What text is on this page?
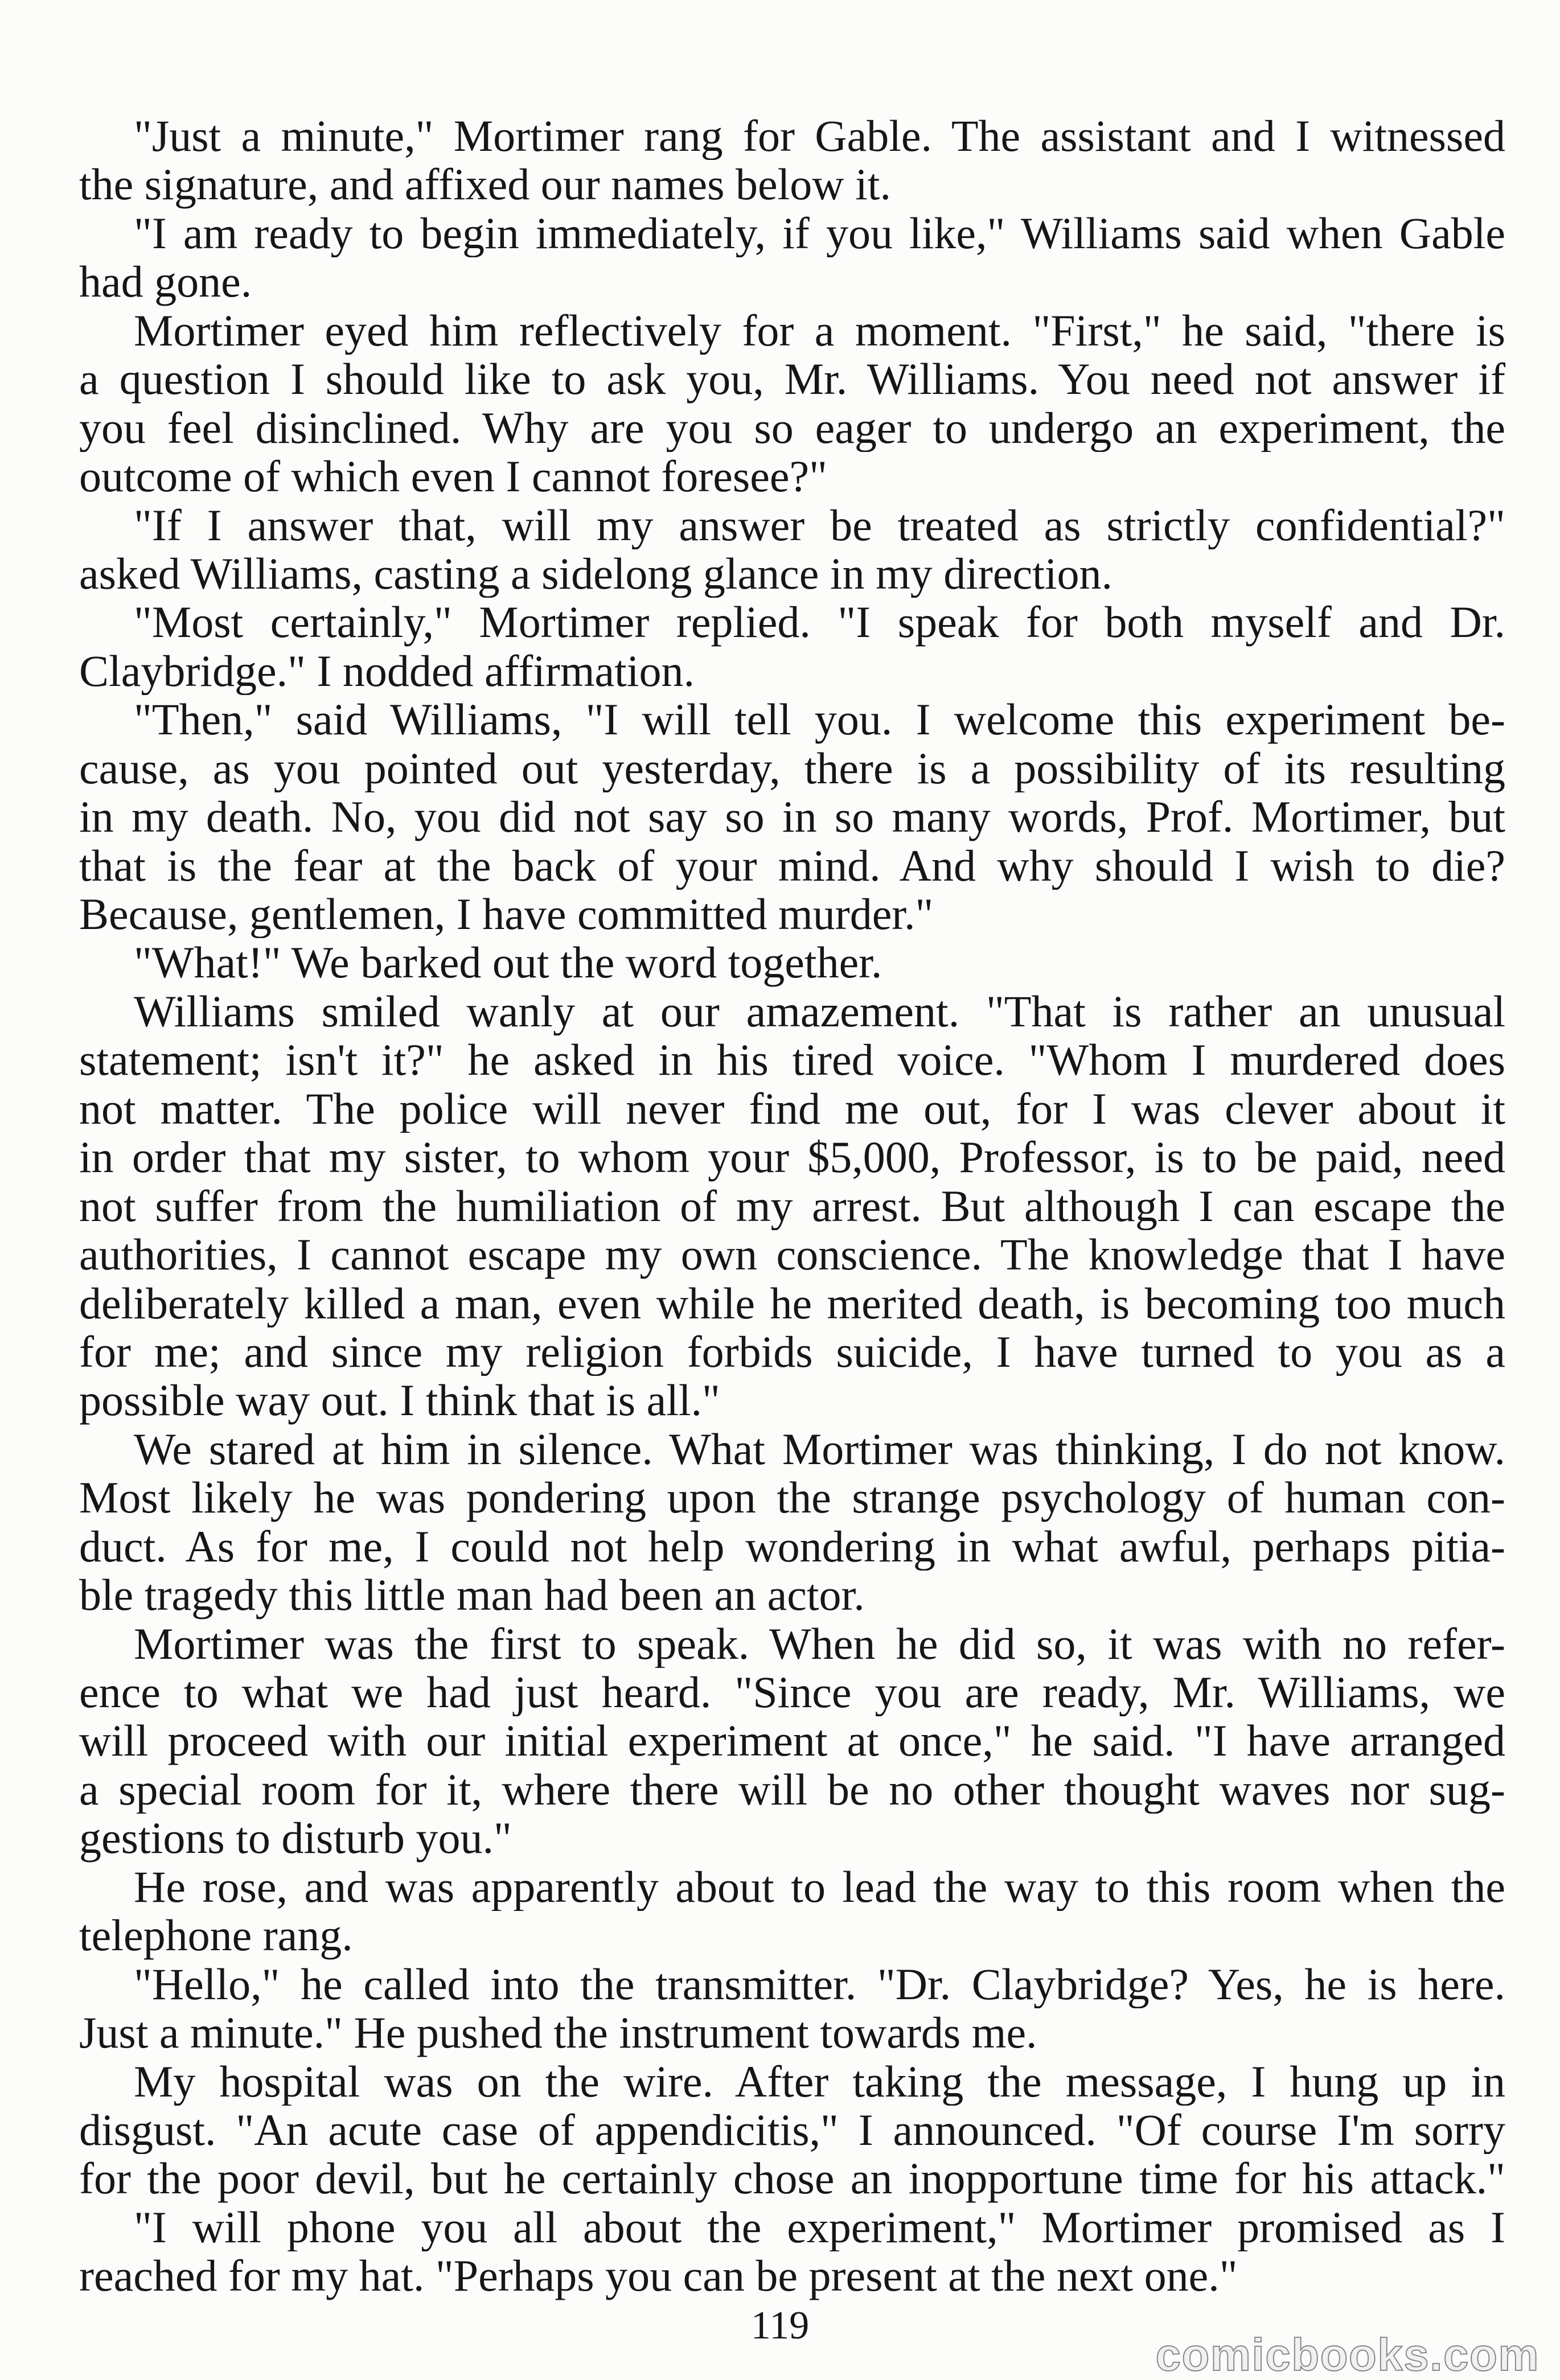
"Just a minute," Mortimer rang for Gable. The assistant and I witnessed
the signature, and affixed our names below it.
"I am ready to begin immediately, if you like," Williams said when Gable
had gone.
Mortimer eyed him reflectively for a moment. "First," he said, "there is
a question I should like to ask you, Mr. Williams. You need not answer if
you feel disinclined. Why are you so eager to undergo an experiment, the
outcome of which even I cannot foresee?"
"If I answer that, will my answer be treated as strictly confidential?"
asked Williams, casting a sidelong glance in my direction.
"Most certainly," Mortimer replied. "I speak for both myself and Dr.
Claybridge." I nodded affirmation.
"Then," said Williams, "I will tell you. I welcome this experiment be-
cause, as you pointed out yesterday, there is a possibility of its resulting
in my death. No, you did not say so in so many words, Prof. Mortimer, but
that is the fear at the back of your mind. And why should I wish to die?
Because, gentlemen, I have committed murder."
"What!" We barked out the word together.
Williams smiled wanly at our amazement. "That is rather an unusual
statement; isn't it?" he asked in his tired voice. "Whom I murdered does
not matter. The police will never find me out, for I was clever about it
in order that my sister, to whom your $5,000, Professor, is to be paid, need
not suffer from the humiliation of my arrest. But although I can escape the
authorities, I cannot escape my own conscience. The knowledge that I have
deliberately killed a man, even while he merited death, is becoming too much
for me; and since my religion forbids suicide, I have turned to you as a
possible way out. I think that is all."
We stared at him in silence. What Mortimer was thinking, I do not know.
Most likely he was pondering upon the strange psychology of human con-
duct. As for me, I could not help wondering in what awful, perhaps pitia-
ble tragedy this little man had been an actor.
Mortimer was the first to speak. When he did so, it was with no refer-
ence to what we had just heard. "Since you are ready, Mr. Williams, we
will proceed with our initial experiment at once," he said. "I have arranged
a special room for it, where there will be no other thought waves nor sug-
gestions to disturb you."
He rose, and was apparently about to lead the way to this room when the
telephone rang.
"Hello," he called into the transmitter. "Dr. Claybridge? Yes, he is here.
Just a minute." He pushed the instrument towards me.
My hospital was on the wire. After taking the message, I hung up in
disgust. "An acute case of appendicitis," I announced. "Of course I'm sorry
for the poor devil, but he certainly chose an inopportune time for his attack."
"I will phone you all about the experiment," Mortimer promised as I
reached for my hat. "Perhaps you can be present at the next one."
119
comicbooks.com
